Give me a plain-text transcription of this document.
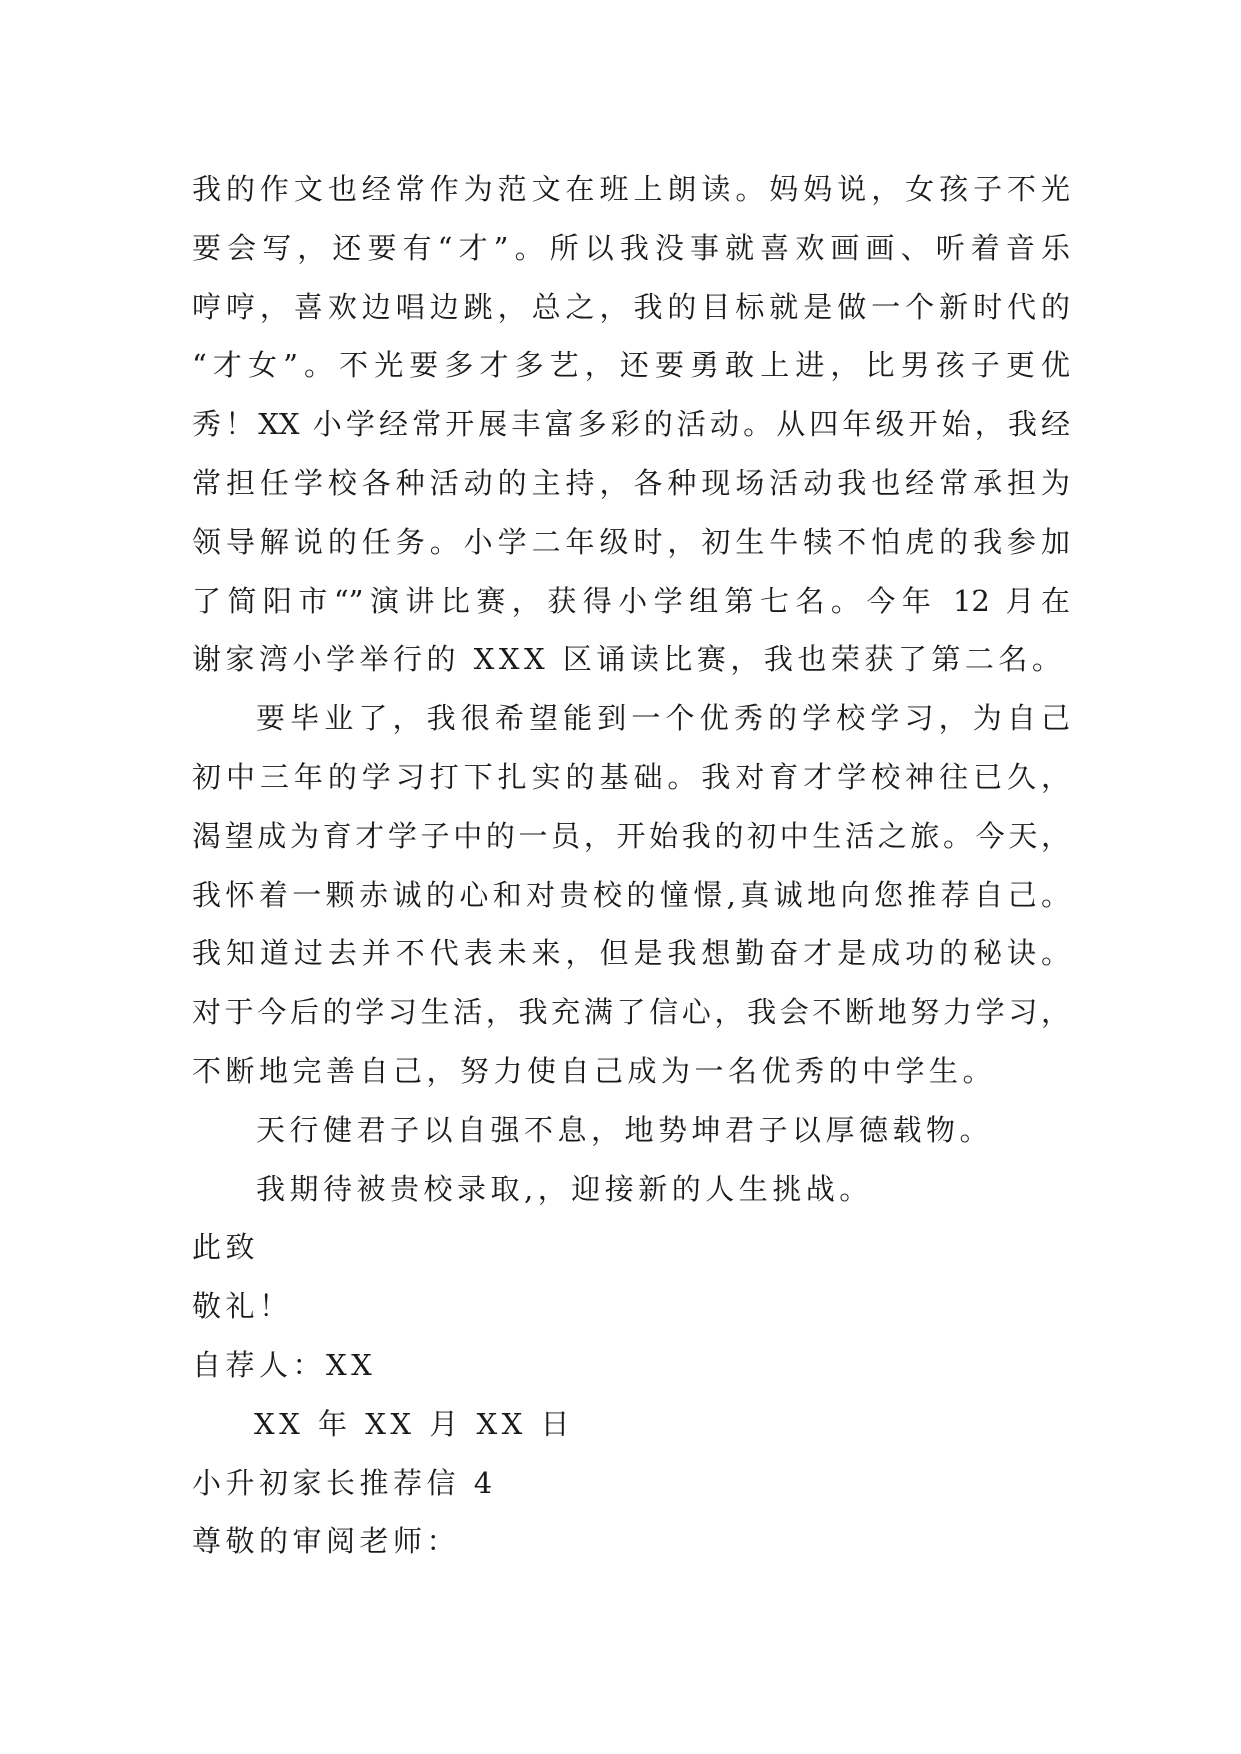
我的作文也经常作为范文在班上朗读。妈妈说，女孩子不光
要会写，还要有“才”。所以我没事就喜欢画画、听着音乐
哼哼，喜欢边唱边跳，总之，我的目标就是做一个新时代的
“才女”。不光要多才多艺，还要勇敢上进，比男孩子更优
秀！XX 小学经常开展丰富多彩的活动。从四年级开始，我经
常担任学校各种活动的主持，各种现场活动我也经常承担为
领导解说的任务。小学二年级时，初生牛犊不怕虎的我参加
了简阳市“”演讲比赛，获得小学组第七名。今年 12 月在
谢家湾小学举行的 XXX 区诵读比赛，我也荣获了第二名。
要毕业了，我很希望能到一个优秀的学校学习，为自己
初中三年的学习打下扎实的基础。我对育才学校神往已久，
渴望成为育才学子中的一员，开始我的初中生活之旅。今天，
我怀着一颗赤诚的心和对贵校的憧憬,真诚地向您推荐自己。
我知道过去并不代表未来，但是我想勤奋才是成功的秘诀。
对于今后的学习生活，我充满了信心，我会不断地努力学习，
不断地完善自己，努力使自己成为一名优秀的中学生。
天行健君子以自强不息，地势坤君子以厚德载物。
我期待被贵校录取,，迎接新的人生挑战。
此致
敬礼！
自荐人：XX
XX 年 XX 月 XX 日
小升初家长推荐信 4
尊敬的审阅老师：
